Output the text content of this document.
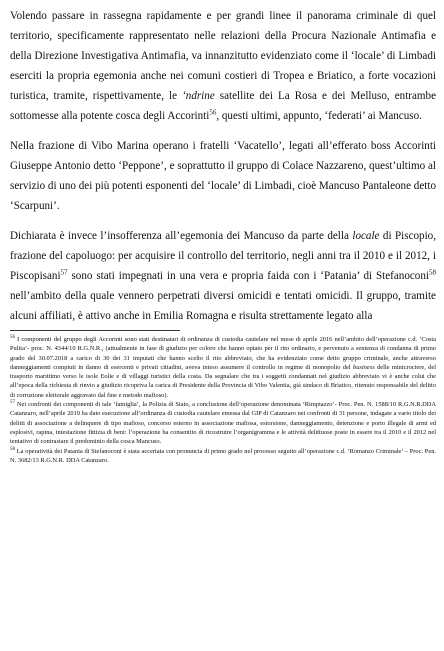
Volendo passare in rassegna rapidamente e per grandi linee il panorama criminale di quel territorio, specificamente rappresentato nelle relazioni della Procura Nazionale Antimafia e della Direzione Investigativa Antimafia, va innanzitutto evidenziato come il ‘locale’ di Limbadi eserciti la propria egemonia anche nei comuni costieri di Tropea e Briatico, a forte vocazioni turistica, tramite, rispettivamente, le ‘ndrine satellite dei La Rosa e dei Melluso, entrambe sottomesse alla potente cosca degli Accorinti$^{56}$, questi ultimi, appunto, ‘federati’ ai Mancuso.

Nella frazione di Vibo Marina operano i fratelli ‘Vacatello’, legati all’efferato boss Accorinti Giuseppe Antonio detto ‘Peppone’, e soprattutto il gruppo di Colace Nazzareno, quest’ultimo al servizio di uno dei più potenti esponenti del ‘locale’ di Limbadi, cioè Mancuso Pantaleone detto ‘Scarpuni’.

Dichiarata è invece l’insofferenza all’egemonia dei Mancuso da parte della locale di Piscopio, frazione del capoluogo: per acquisire il controllo del territorio, negli anni tra il 2010 e il 2012, i Piscopisani$^{57}$ sono stati impegnati in una vera e propria faida con i ‘Patania’ di Stefanoconi$^{58}$ nell’ambito della quale vennero perpetrati diversi omicidi e tentati omicidi. Il gruppo, tramite alcuni affiliati, è attivo anche in Emilia Romagna e risulta strettamente legato alla

$^{56}$ I componenti del gruppo degli Accorinti sono stati destinatari di ordinanza di custodia cautelare nel mese di aprile 2016 nell’ambito dell’operazione c.d. ‘Costa Pulita’- proc. N. 4344/10 R.G.N.R., (attualmente in fase di giudizio per coloro che hanno optato per il rito ordinario, e pervenuto a sentenza di condanna di primo grado del 30.07.2018 a carico di 30 dei 31 imputati che hanno scelto il rito abbreviato, che ha evidenziato come detto gruppo criminale, anche attraverso danneggiamenti compiuti in danno di esercenti e privati cittadini, aveva inteso assumere il controllo in regime di monopolio del business delle minicrociere, del trasporto marittimo verso le isole Eolie e di villaggi turistici della costa. Da segnalare che tra i soggetti condannati nel giudizio abbreviato vi è anche colui che all’epoca della richiesta di rinvio a giudizio ricopriva la carica di Presidente della Provincia di Vibo Valentia, già sindaco di Briatico, ritenuto responsabile del delitto di corruzione elettorale aggravato dal fine e metodo mafioso).

$^{57}$ Nei confronti dei componenti di tale ‘famiglia’, la Polizia di Stato, a conclusione dell’operazione denominata ‘Rimpiazzo’- Proc. Pen. N. 1588/10 R.G.N.R.DDA Catanzaro, nell’aprile 2019 ha dato esecuzione all’ordinanza di custodia cautelare emessa dal GIP di Catanzaro nei confronti di 31 persone, indagate a vario titolo dei delitti di associazione a delinquere di tipo mafioso, concorso esterno in associazione mafiosa, estorsione, danneggiamento, detenzione e porto illegale di armi ed esplosivi, rapina, intestazione fittizia di beni: l’operazione ha consentito di ricostruire l’organigramma e le attività delittuose poste in essere tra il 2010 e il 2012 nel tentativo di contrastare il predominio della cosca Mancuso.

$^{58}$ La operatività dei Patania di Stefanoconi è stata accertata con pronuncia di primo grado nel processo seguito all’operazione c.d. ‘Romanzo Criminale’ – Proc. Pen. N. 3682/13 R.G.N.R. DDA Catanzaro.
